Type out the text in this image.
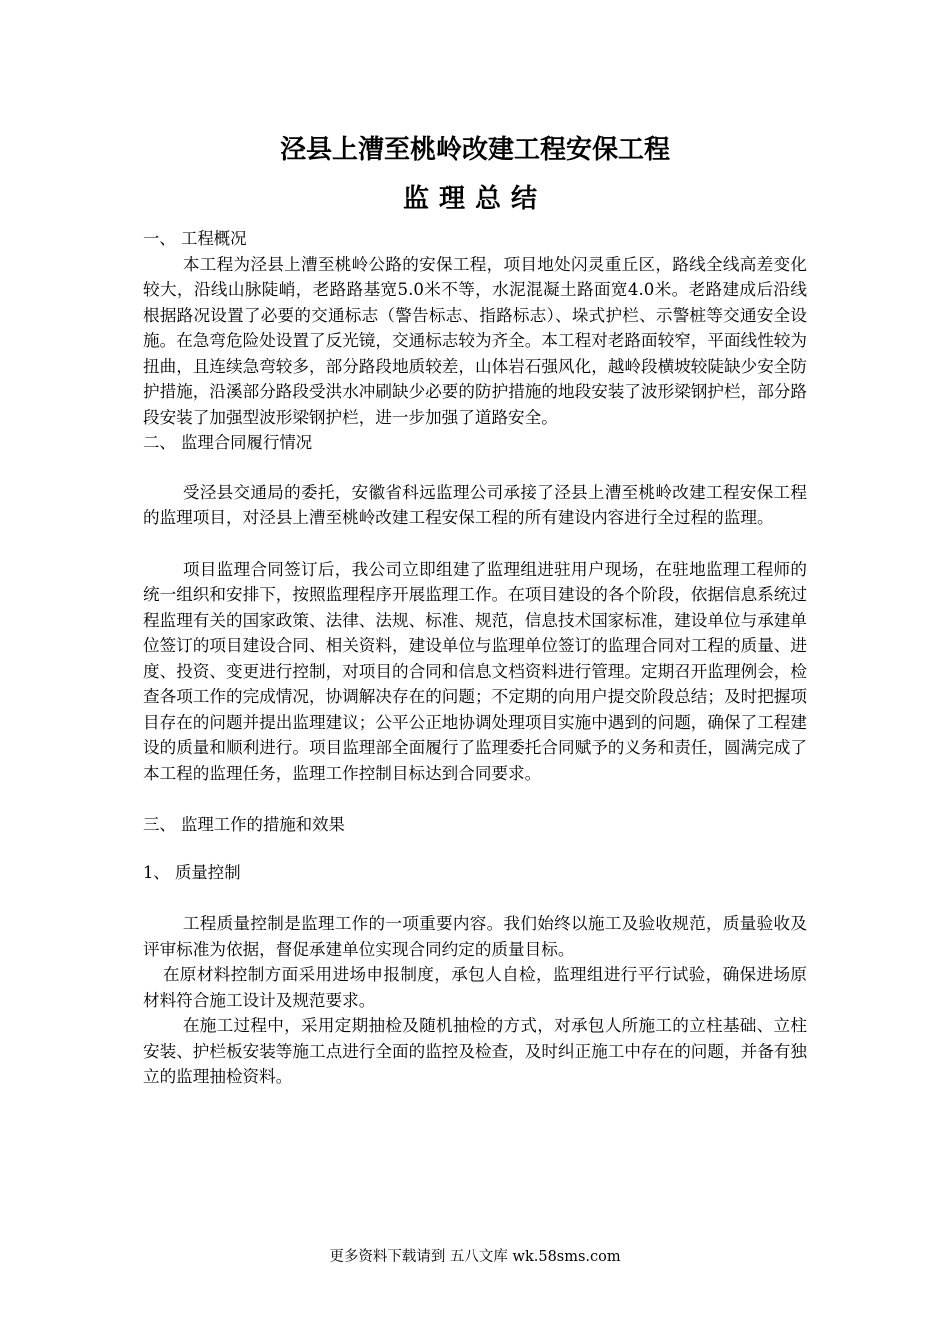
泾县上漕至桃岭改建工程安保工程
监理总结

一、 工程概况

本工程为泾县上漕至桃岭公路的安保工程，项目地处闪灵重丘区，路线全线高差变化较大，沿线山脉陡峭，老路路基宽5.0米不等，水泥混凝土路面宽4.0米。老路建成后沿线根据路况设置了必要的交通标志（警告标志、指路标志）、垛式护栏、示警桩等交通安全设施。在急弯危险处设置了反光镜，交通标志较为齐全。本工程对老路面较窄，平面线性较为扭曲，且连续急弯较多，部分路段地质较差，山体岩石强风化，越岭段横坡较陡缺少安全防护措施，沿溪部分路段受洪水冲刷缺少必要的防护措施的地段安装了波形梁钢护栏，部分路段安装了加强型波形梁钢护栏，进一步加强了道路安全。

二、 监理合同履行情况

受泾县交通局的委托，安徽省科远监理公司承接了泾县上漕至桃岭改建工程安保工程的监理项目，对泾县上漕至桃岭改建工程安保工程的所有建设内容进行全过程的监理。

项目监理合同签订后，我公司立即组建了监理组进驻用户现场，在驻地监理工程师的统一组织和安排下，按照监理程序开展监理工作。在项目建设的各个阶段，依据信息系统过程监理有关的国家政策、法律、法规、标准、规范，信息技术国家标准，建设单位与承建单位签订的项目建设合同、相关资料，建设单位与监理单位签订的监理合同对工程的质量、进度、投资、变更进行控制，对项目的合同和信息文档资料进行管理。定期召开监理例会，检查各项工作的完成情况，协调解决存在的问题；不定期的向用户提交阶段总结；及时把握项目存在的问题并提出监理建议；公平公正地协调处理项目实施中遇到的问题，确保了工程建设的质量和顺利进行。项目监理部全面履行了监理委托合同赋予的义务和责任，圆满完成了本工程的监理任务，监理工作控制目标达到合同要求。

三、 监理工作的措施和效果

1、 质量控制

工程质量控制是监理工作的一项重要内容。我们始终以施工及验收规范，质量验收及评审标准为依据，督促承建单位实现合同约定的质量目标。

在原材料控制方面采用进场申报制度，承包人自检，监理组进行平行试验，确保进场原材料符合施工设计及规范要求。

在施工过程中，采用定期抽检及随机抽检的方式，对承包人所施工的立柱基础、立柱安装、护栏板安装等施工点进行全面的监控及检查，及时纠正施工中存在的问题，并备有独立的监理抽检资料。

更多资料下载请到 五八文库 wk.58sms.com
